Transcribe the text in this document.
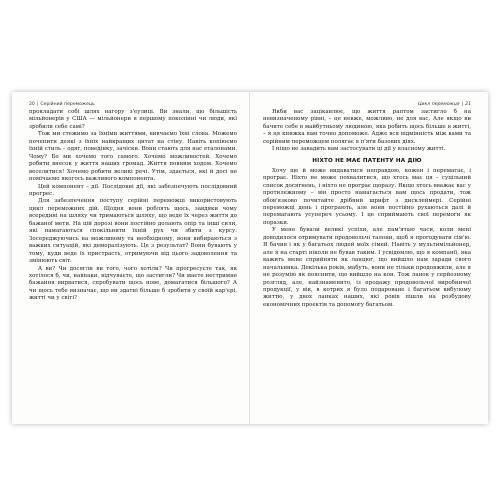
20 | Серійний переможець

прокладати собі шлях нагору з'еулиці. Ви знали, що більшість мільйонерів у США — мільйонери в першому поколінні чи люди, які зробили себе самі?

Тож ми стежимо за їхніми життями, вивчаємо їхні слова. Можемо почепити деякі з їхніх найкращих цитат на стіну. Навіть копіюємо їхній стиль – одяг, поведінку, зачіски. Вони стають для нас еталонами. Чому? Бо ми хочемо того самого. Хочемо можливостей. Хочемо робити внесок у життя наших громад. Життя повним ходом. Хочемо веселитися! Хочемо робити великі речі. Утім, здається, які й досі не помічаємо якогось важливого компонента.

Цей компонент – дії. Послідовні дії, які забезпечують послідовний прогрес.

Для забезпечення поступу серійні переможці використовують цикл переможних дій. Щодня вони роблять щось, завдяки чому всередині на шляху чи тримаються шляху, що веде їх через життя до бажаної мети. На цій дорозі вони постійно долають опір та інші сили, які намагаються спокільнити їхній рух чи збити з курсу. Зосереджуючись на можливому та необхідному, вони вибираються з важких ситуацій, які деморалізують. Це з результат? Вони бувають у тому, куди веде їх пристрасть, отримуючи від цього задоволення та змінюють світ.

А ви? Чи досягли ви того, чого хотіли? Чи прогресуєте так, як хотілося б, чи, навпаки, відчуваєте, що застигли? Чи маєте нестримне бажання вирватися, спробувати щось нове, домагатися більшого? А чи щось тебе визначає, що ви здатні більше б зробити у своїй кар'єрі, житті чи у світі?

Цикл переможця | 21

Якби вас зацікавлює, що життя раптом застигло б на невизначеному рівні, – це невже, можливо, не для вас. Але якщо ви бачите себе в майбутньому людиною, яка робить щось більше в житті, – я ця книжка вам точно допоможе. Адже вся відмінність між вами та серійним переможцем полягає в п'яти базових діях.

І ніщо не завадить вам застосувати ці дії у власному житті.

НІХТО НЕ МАЄ ПАТЕНТУ НА ДІЮ

Хочу ще й може видаватися неправдою, кожен і перемагає, і програє. Ніхто не може похвалитися, що хтось має ця – суцільний список досягнень, і ніхто не програє щоразу. Якщо хтось вважає вас у протилежному – він просто намагається вам щось продати, тож обов'язково почитайте дрібний шрифт з дисклеймері. Серійні переможці день і програють, але вони постійно рухаються далі й перемагають усупереч усьому. І це сприймають свої перемоги як поразки.

У мене бували великі успіхи, але пам'ятаю часи, коли мені доводилося отримувати продовольчі талони, щоб я прогодувати сім'ю. Я бачив і як у багатьох людей моїх сімей. Навіть у мультимільйонер, але я на старті ніколи не бував таким. І усвідомлю, що я компанії, яка важить мене сприйняти як ланцюг, що вийшло нам заради свого начальника. Декілька років, мабуть, вони не тільки продовжили, але я не розумію як пояснити, що вийшло на кон. Тож ланок у серйозному розгляд, але, найзнаменито, із продажу продовольчої виробничої продукції, у вік, в котрих я було подароване і багатьом вибулому життю, у двох ланках наших, які ровів пішли на розбудову економічних проектів та допомогу багатьом.
